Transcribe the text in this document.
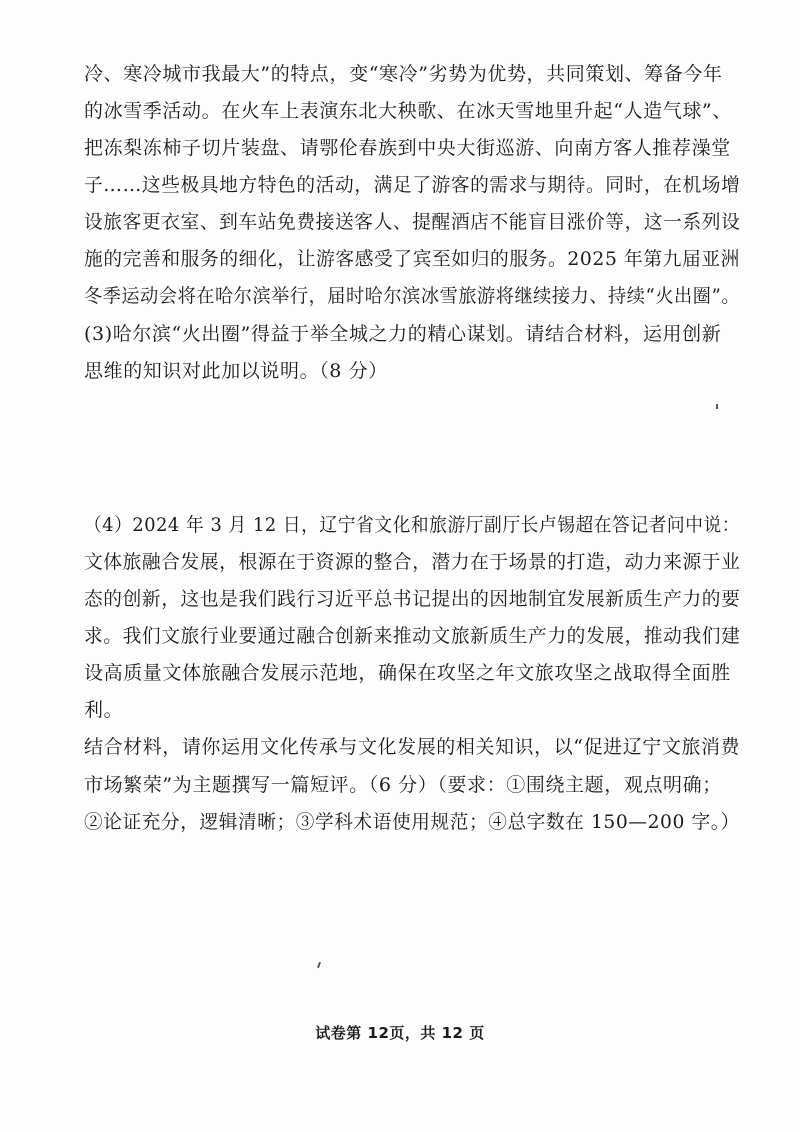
冷、寒冷城市我最大”的特点，变“寒冷”劣势为优势，共同策划、筹备今年
的冰雪季活动。在火车上表演东北大秧歌、在冰天雪地里升起“人造气球”、
把冻梨冻柿子切片装盘、请鄂伦春族到中央大街巡游、向南方客人推荐澡堂
子……这些极具地方特色的活动，满足了游客的需求与期待。同时，在机场增
设旅客更衣室、到车站免费接送客人、提醒酒店不能盲目涨价等，这一系列设
施的完善和服务的细化，让游客感受了宾至如归的服务。2025 年第九届亚洲
冬季运动会将在哈尔滨举行，届时哈尔滨冰雪旅游将继续接力、持续“火出圈”。
(3)哈尔滨“火出圈”得益于举全城之力的精心谋划。请结合材料，运用创新
思维的知识对此加以说明。（8 分）
（4）2024 年 3 月 12 日，辽宁省文化和旅游厅副厅长卢锡超在答记者问中说：
文体旅融合发展，根源在于资源的整合，潜力在于场景的打造，动力来源于业
态的创新，这也是我们践行习近平总书记提出的因地制宜发展新质生产力的要
求。我们文旅行业要通过融合创新来推动文旅新质生产力的发展，推动我们建
设高质量文体旅融合发展示范地，确保在攻坚之年文旅攻坚之战取得全面胜
利。
结合材料，请你运用文化传承与文化发展的相关知识，以“促进辽宁文旅消费
市场繁荣”为主题撰写一篇短评。（6 分）（要求：①围绕主题，观点明确；
②论证充分，逻辑清晰；③学科术语使用规范；④总字数在 150—200 字。）
试卷第 12页，共 12 页
